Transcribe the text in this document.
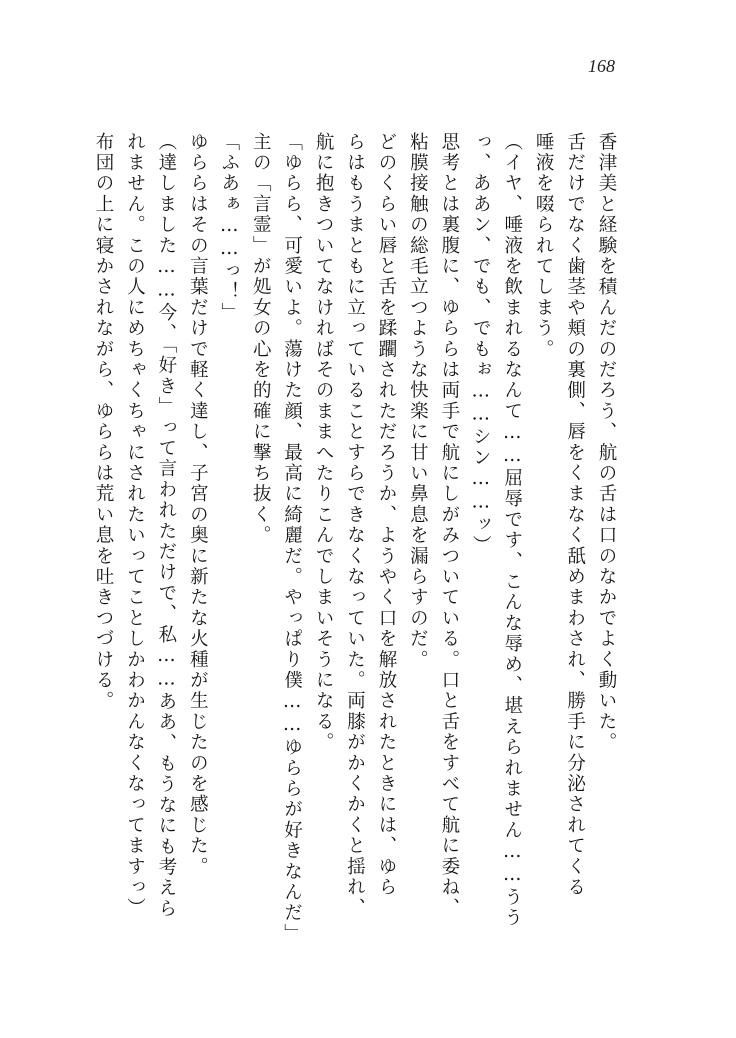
168
香津美と経験を積んだのだろう、航の舌は口のなかでよく動いた。
舌だけでなく歯茎や頬の裏側、唇をくまなく舐めまわされ、勝手に分泌されてくる
唾液を啜られてしまう。
（イヤ、唾液を飲まれるなんて……屈辱です、こんな辱め、堪えられません……うう
っ、ああン、でも、でもぉ……シン……ッ）
思考とは裏腹に、ゆららは両手で航にしがみついている。口と舌をすべて航に委ね、
粘膜接触の総毛立つような快楽に甘い鼻息を漏らすのだ。
どのくらい唇と舌を蹂躙されただろうか、ようやく口を解放されたときには、ゆら
らはもうまともに立っていることすらできなくなっていた。両膝がかくかくと揺れ、
航に抱きついてなければそのままへたりこんでしまいそうになる。
「ゆらら、可愛いよ。蕩けた顔、最高に綺麗だ。やっぱり僕……ゆららが好きなんだ」
主の「言霊」が処女の心を的確に撃ち抜く。
「ふあぁ……っ！」
ゆららはその言葉だけで軽く達し、子宮の奥に新たな火種が生じたのを感じた。
（達しました……今、「好き」って言われただけで、私……ああ、もうなにも考えら
れません。この人にめちゃくちゃにされたいってことしかわかんなくなってますっ）
布団の上に寝かされながら、ゆららは荒い息を吐きつづける。
